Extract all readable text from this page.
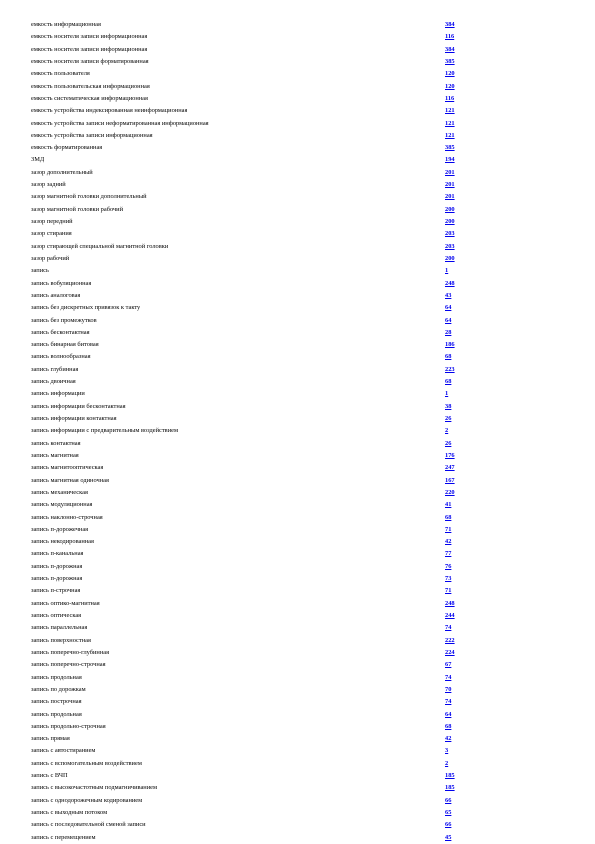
емкость информационная	384
емкость носителя записи информационная	116
емкость носителя записи информационная	384
емкость носителя записи форматированная	385
емкость пользователя	120
емкость пользовательская информационная	120
емкость систематическая информационная	116
емкость устройства индексированная неинформационная	121
емкость устройства записи неформатированная информационная	121
емкость устройства записи информационная	121
емкость форматированная	385
ЗМД	194
зазор дополнительный	201
зазор задний	201
зазор магнитной головки дополнительный	201
зазор магнитной головки рабочий	200
зазор передний	200
зазор стирания	203
зазор стирающей специальной магнитной головки	203
зазор рабочий	200
запись	1
запись вобуляционная	248
запись аналоговая	43
запись без дискретных привязок к такту	64
запись без промежутков	64
запись бесконтактная	28
запись бинарная битовая	186
запись волнообразная	68
запись глубинная	223
запись двоичная	68
запись информации	1
запись информации бесконтактная	38
запись информации контактная	26
запись информации с предварительным воздействием	2
запись контактная	26
запись магнитная	176
запись магнитооптическая	247
запись магнитная одиночная	167
запись механическая	220
запись модуляционная	41
запись наклонно-строчная	68
запись п-дорожечная	71
запись некодированная	42
запись п-канальная	77
запись п-дорожная	76
запись п-дорожная	73
запись п-строчная	71
запись оптико-магнитная	248
запись оптическая	244
запись параллельная	74
запись поверхностная	222
запись поперечно-глубинная	224
запись поперечно-строчная	67
запись продольная	74
запись по дорожкам	70
запись построчная	74
запись продольная	64
запись продольно-строчная	68
запись прямая	42
запись с автостиранием	3
запись с вспомогательным воздействием	2
запись с ВЧП	185
запись с высокочастотным подмагничиванием	185
запись с однодорожечным кодированием	66
запись с выходным потоком	65
запись с последовательной сменой записи	66
запись с перемещением	45
